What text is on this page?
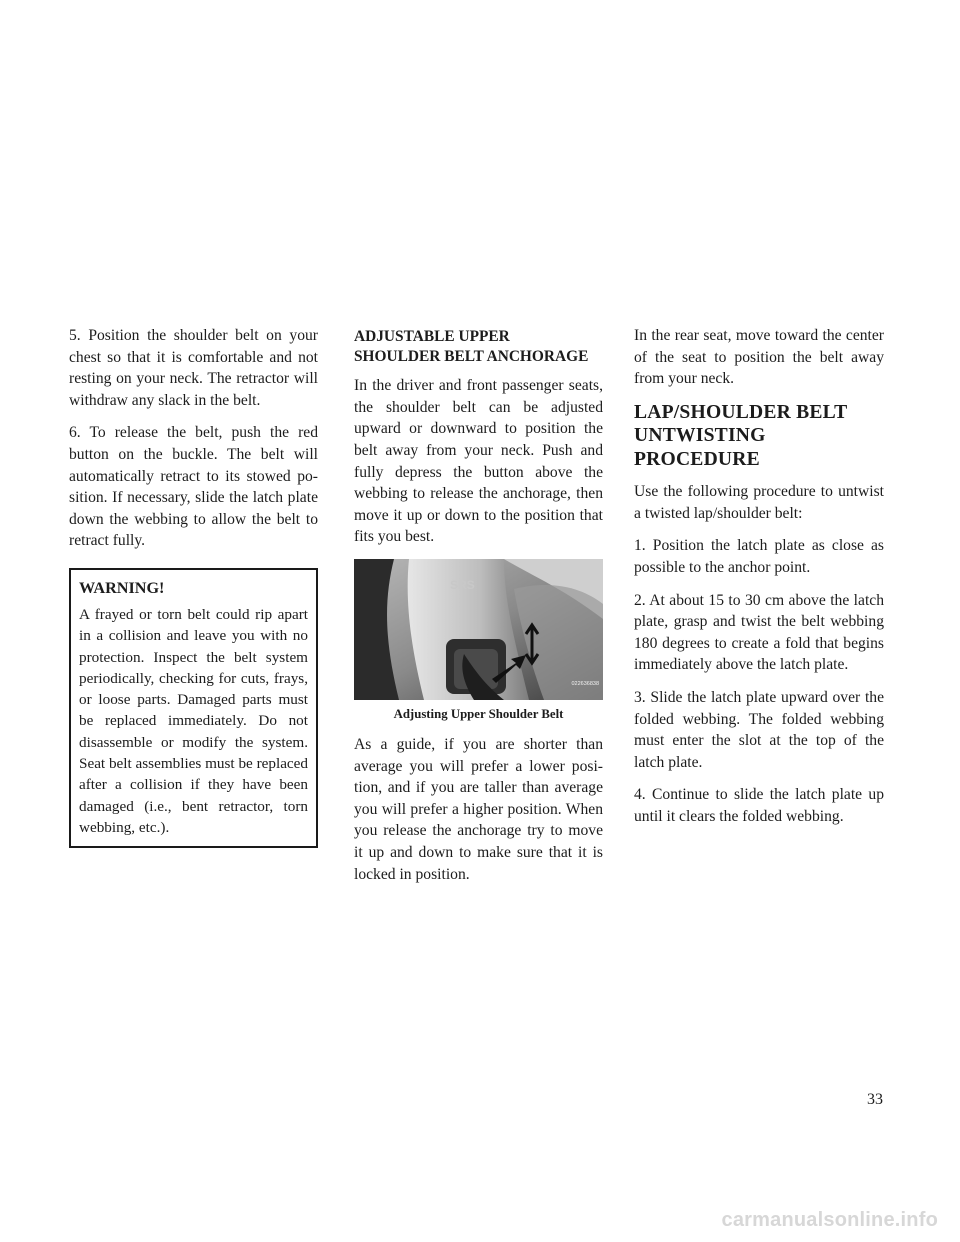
5. Position the shoulder belt on your chest so that it is comfortable and not resting on your neck. The retractor will withdraw any slack in the belt.

6. To release the belt, push the red button on the buckle. The belt will automatically retract to its stowed position. If necessary, slide the latch plate down the webbing to allow the belt to retract fully.

WARNING!

A frayed or torn belt could rip apart in a collision and leave you with no protection. Inspect the belt system periodically, checking for cuts, frays, or loose parts. Damaged parts must be replaced immediately. Do not disassemble or modify the system. Seat belt assemblies must be replaced after a collision if they have been damaged (i.e., bent retractor, torn webbing, etc.).

ADJUSTABLE UPPER
SHOULDER BELT ANCHORAGE

In the driver and front passenger seats, the shoulder belt can be adjusted upward or downward to position the belt away from your neck. Push and fully depress the button above the webbing to release the anchorage, then move it up or down to the position that fits you best.

SRS
022636838
Adjusting Upper Shoulder Belt

As a guide, if you are shorter than average you will prefer a lower position, and if you are taller than average you will prefer a higher position. When you release the anchorage try to move it up and down to make sure that it is locked in position.

In the rear seat, move toward the center of the seat to position the belt away from your neck.

LAP/SHOULDER BELT
UNTWISTING PROCEDURE

Use the following procedure to untwist a twisted lap/shoulder belt:

1. Position the latch plate as close as possible to the anchor point.

2. At about 15 to 30 cm above the latch plate, grasp and twist the belt webbing 180 degrees to create a fold that begins immediately above the latch plate.

3. Slide the latch plate upward over the folded webbing. The folded webbing must enter the slot at the top of the latch plate.

4. Continue to slide the latch plate up until it clears the folded webbing.

33
carmanualsonline.info
